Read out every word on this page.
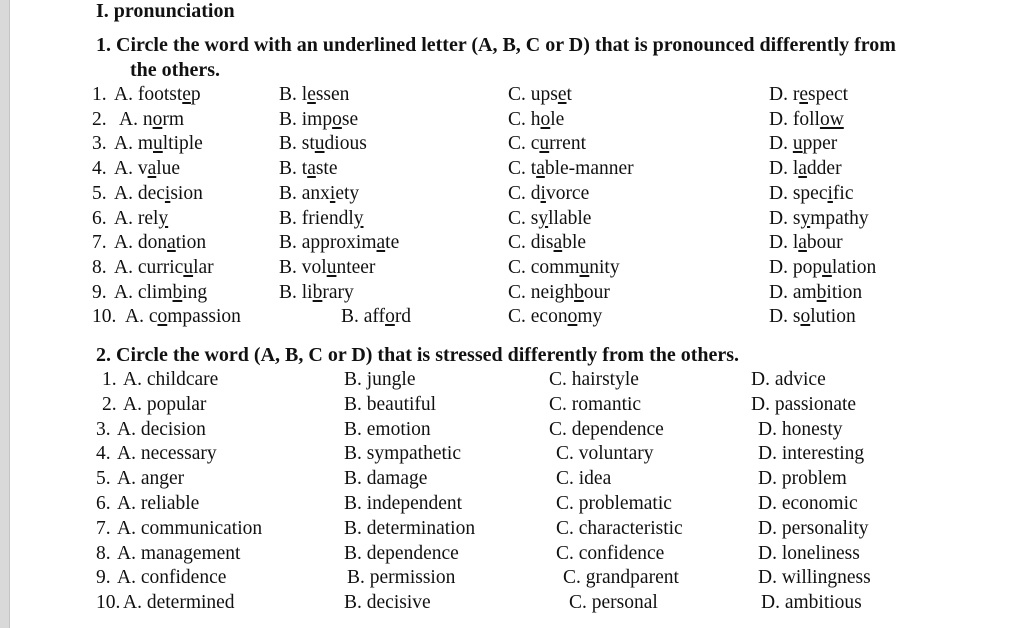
I. pronunciation
1. Circle the word with an underlined letter (A, B, C or D) that is pronounced differently from
the others.
1. A. footstep	B. lessen	C. upset	D. respect
2. A. norm	B. impose	C. hole	D. follow
3. A. multiple	B. studious	C. current	D. upper
4. A. value	B. taste	C. table-manner	D. ladder
5. A. decision	B. anxiety	C. divorce	D. specific
6. A. rely	B. friendly	C. syllable	D. sympathy
7. A. donation	B. approximate	C. disable	D. labour
8. A. curricular	B. volunteer	C. community	D. population
9. A. climbing	B. library	C. neighbour	D. ambition
10. A. compassion	B. afford	C. economy	D. solution
2. Circle the word (A, B, C or D) that is stressed differently from the others.
1. A. childcare	B. jungle	C. hairstyle	D. advice
2. A. popular	B. beautiful	C. romantic	D. passionate
3. A. decision	B. emotion	C. dependence	D. honesty
4. A. necessary	B. sympathetic	C. voluntary	D. interesting
5. A. anger	B. damage	C. idea	D. problem
6. A. reliable	B. independent	C. problematic	D. economic
7. A. communication	B. determination	C. characteristic	D. personality
8. A. management	B. dependence	C. confidence	D. loneliness
9. A. confidence	B. permission	C. grandparent	D. willingness
10. A. determined	B. decisive	C. personal	D. ambitious
